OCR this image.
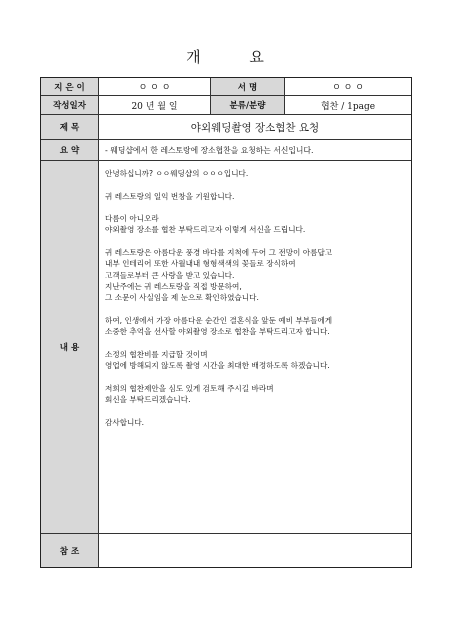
개 요
지 은 이	ㅇ ㅇ ㅇ	서 명	ㅇ ㅇ ㅇ
작성일자	20 년 월 일	분류/분량	협찬 / 1page
제 목	야외웨딩촬영 장소협찬 요청
요 약	- 웨딩샵에서 한 레스토랑에 장소협찬을 요청하는 서신입니다.
내 용

안녕하십니까? ㅇㅇ웨딩샵의 ㅇㅇㅇ입니다.

귀 레스토랑의 일익 번창을 기원합니다.

다름이 아니오라

야외촬영 장소를 협찬 부탁드리고자 이렇게 서신을 드립니다.

귀 레스토랑은 아름다운 풍경 바다를 지척에 두어 그 전망이 아름답고

내부 인테리어 또한 사월내내 형형색색의 꽃들로 장식하여

고객들로부터 큰 사랑을 받고 있습니다.

지난주에는 귀 레스토랑을 직접 방문하여,

그 소문이 사실임을 제 눈으로 확인하였습니다.

하여, 인생에서 가장 아름다운 순간인 결혼식을 앞둔 예비 부부들에게

소중한 추억을 선사할 야외촬영 장소로 협찬을 부탁드리고자 합니다.

소정의 협찬비를 지급할 것이며

영업에 방해되지 않도록 촬영 시간을 최대한 배정하도록 하겠습니다.

저희의 협찬제안을 심도 있게 검토해 주시길 바라며

회신을 부탁드리겠습니다.

감사합니다.

참 조
